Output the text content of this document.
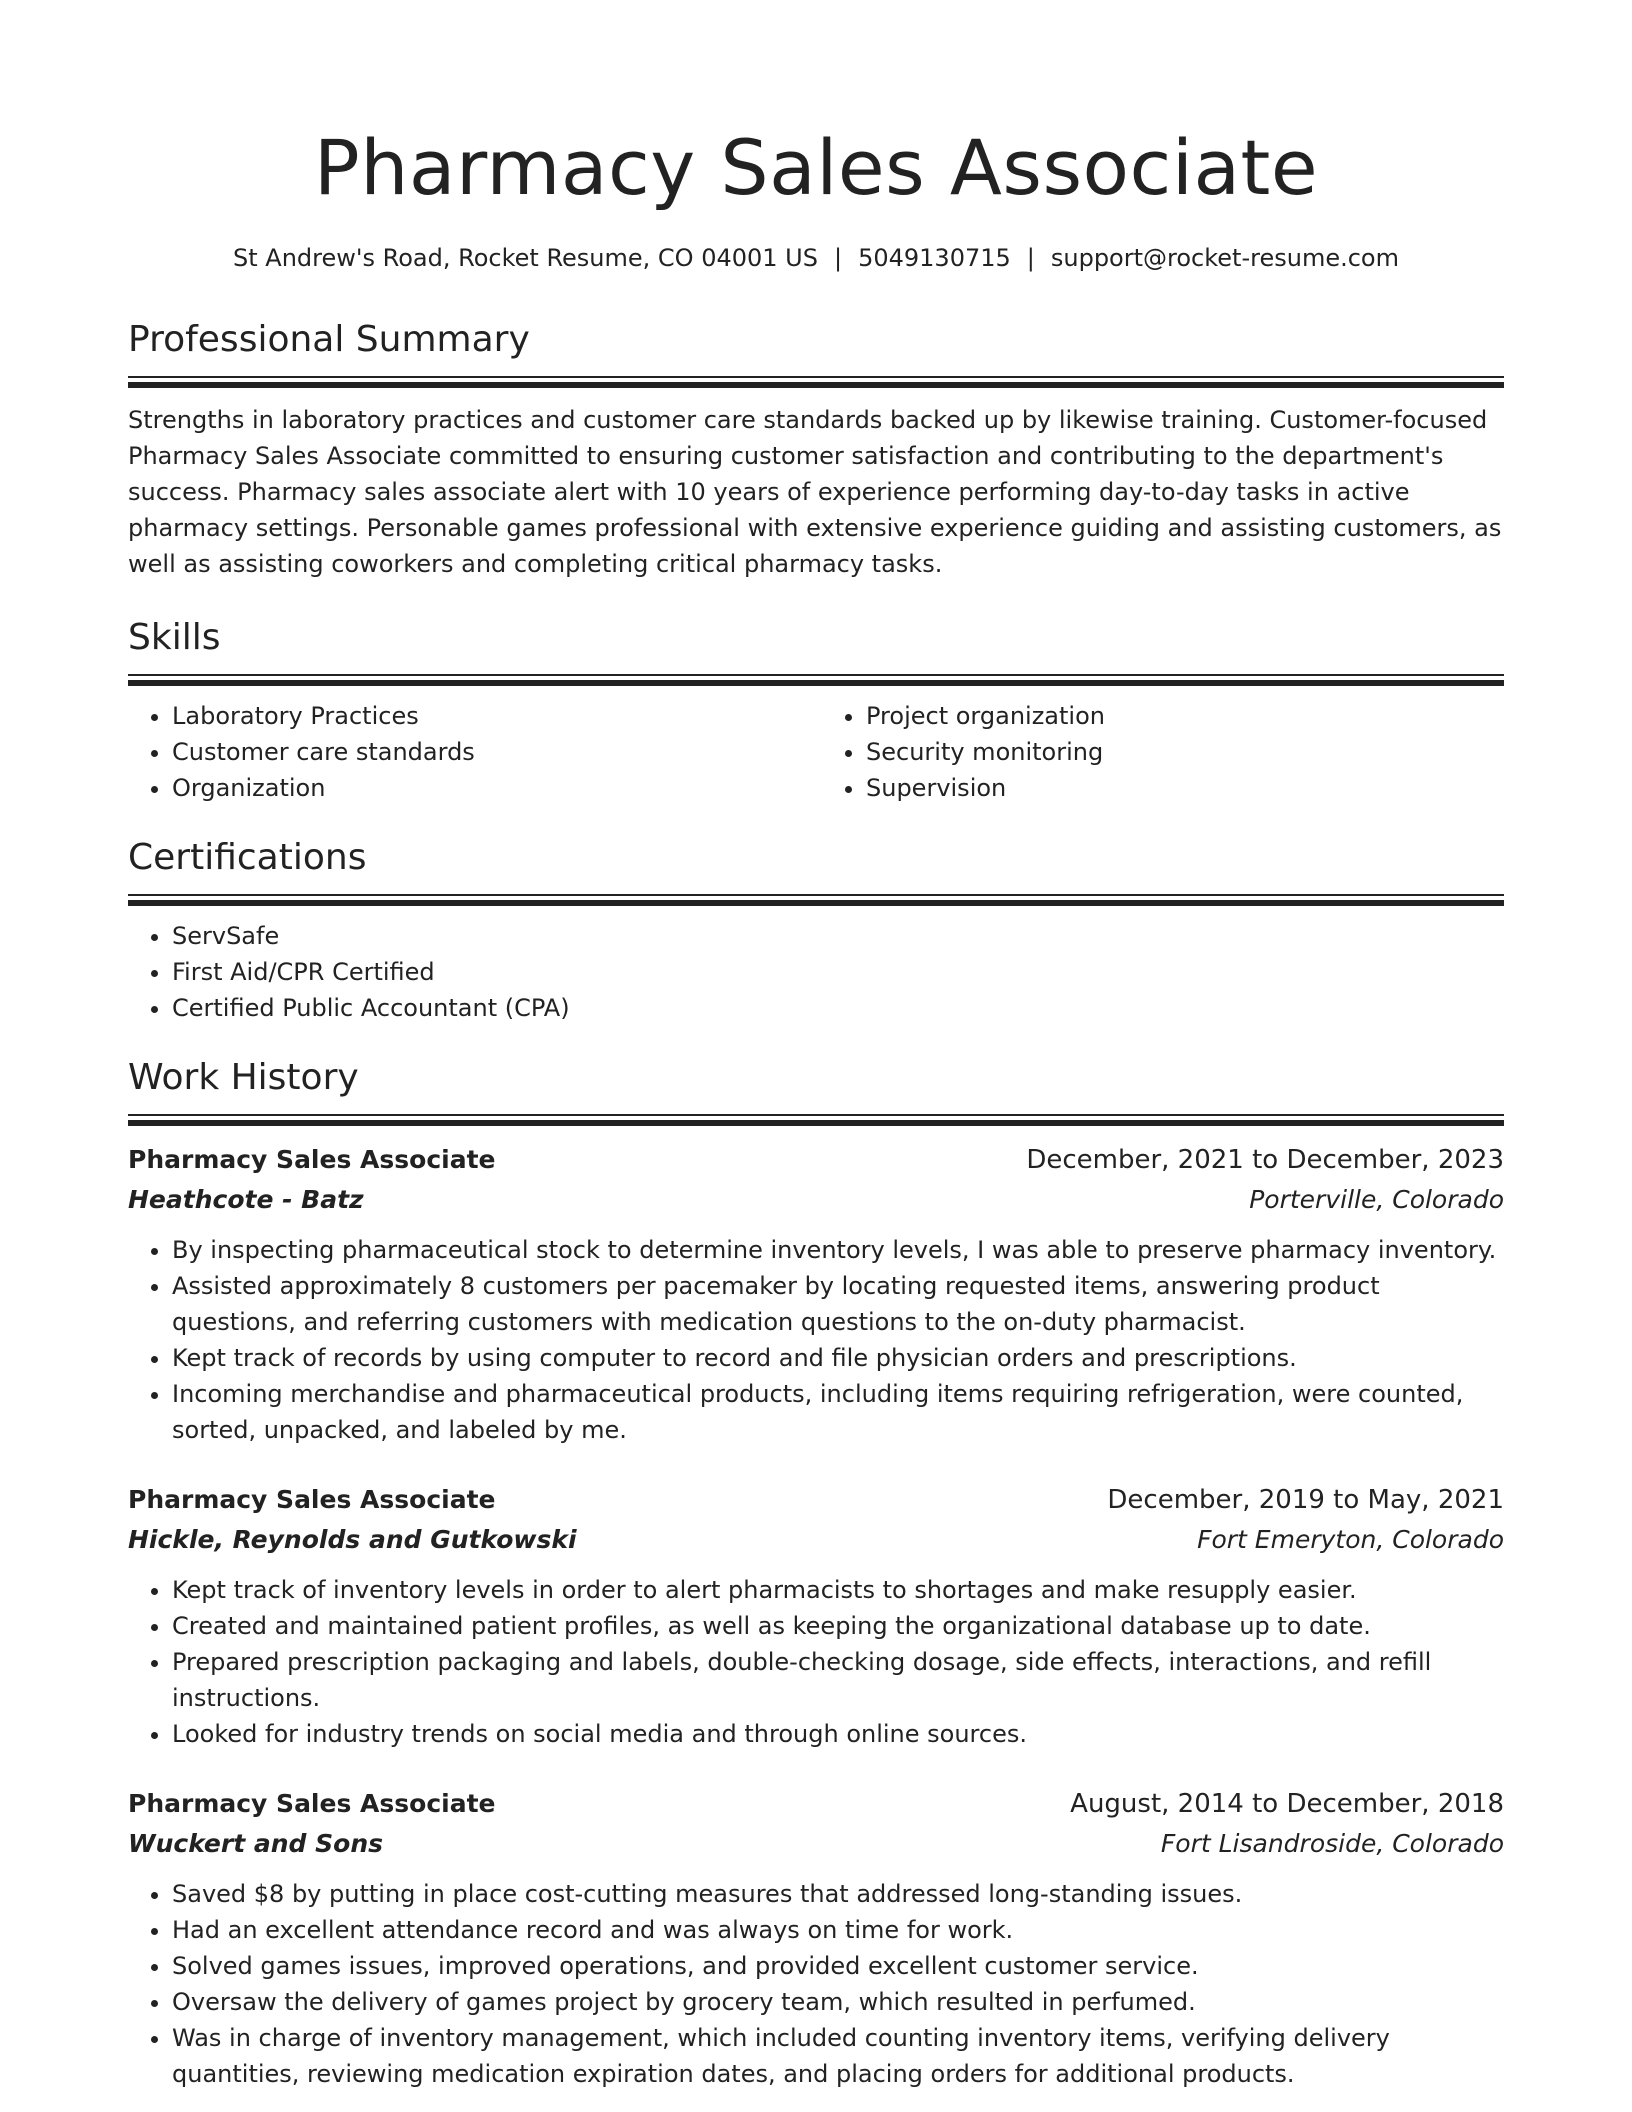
Pharmacy Sales Associate
St Andrew's Road, Rocket Resume, CO 04001 US | 5049130715 | support@rocket-resume.com
Professional Summary
Strengths in laboratory practices and customer care standards backed up by likewise training. Customer-focused Pharmacy Sales Associate committed to ensuring customer satisfaction and contributing to the department's success. Pharmacy sales associate alert with 10 years of experience performing day-to-day tasks in active pharmacy settings. Personable games professional with extensive experience guiding and assisting customers, as well as assisting coworkers and completing critical pharmacy tasks.
Skills
• Laboratory Practices
• Customer care standards
• Organization
• Project organization
• Security monitoring
• Supervision
Certifications
• ServSafe
• First Aid/CPR Certified
• Certified Public Accountant (CPA)
Work History
Pharmacy Sales Associate	December, 2021 to December, 2023
Heathcote - Batz	Porterville, Colorado
• By inspecting pharmaceutical stock to determine inventory levels, I was able to preserve pharmacy inventory.
• Assisted approximately 8 customers per pacemaker by locating requested items, answering product questions, and referring customers with medication questions to the on-duty pharmacist.
• Kept track of records by using computer to record and file physician orders and prescriptions.
• Incoming merchandise and pharmaceutical products, including items requiring refrigeration, were counted, sorted, unpacked, and labeled by me.
Pharmacy Sales Associate	December, 2019 to May, 2021
Hickle, Reynolds and Gutkowski	Fort Emeryton, Colorado
• Kept track of inventory levels in order to alert pharmacists to shortages and make resupply easier.
• Created and maintained patient profiles, as well as keeping the organizational database up to date.
• Prepared prescription packaging and labels, double-checking dosage, side effects, interactions, and refill instructions.
• Looked for industry trends on social media and through online sources.
Pharmacy Sales Associate	August, 2014 to December, 2018
Wuckert and Sons	Fort Lisandroside, Colorado
• Saved $8 by putting in place cost-cutting measures that addressed long-standing issues.
• Had an excellent attendance record and was always on time for work.
• Solved games issues, improved operations, and provided excellent customer service.
• Oversaw the delivery of games project by grocery team, which resulted in perfumed.
• Was in charge of inventory management, which included counting inventory items, verifying delivery quantities, reviewing medication expiration dates, and placing orders for additional products.
